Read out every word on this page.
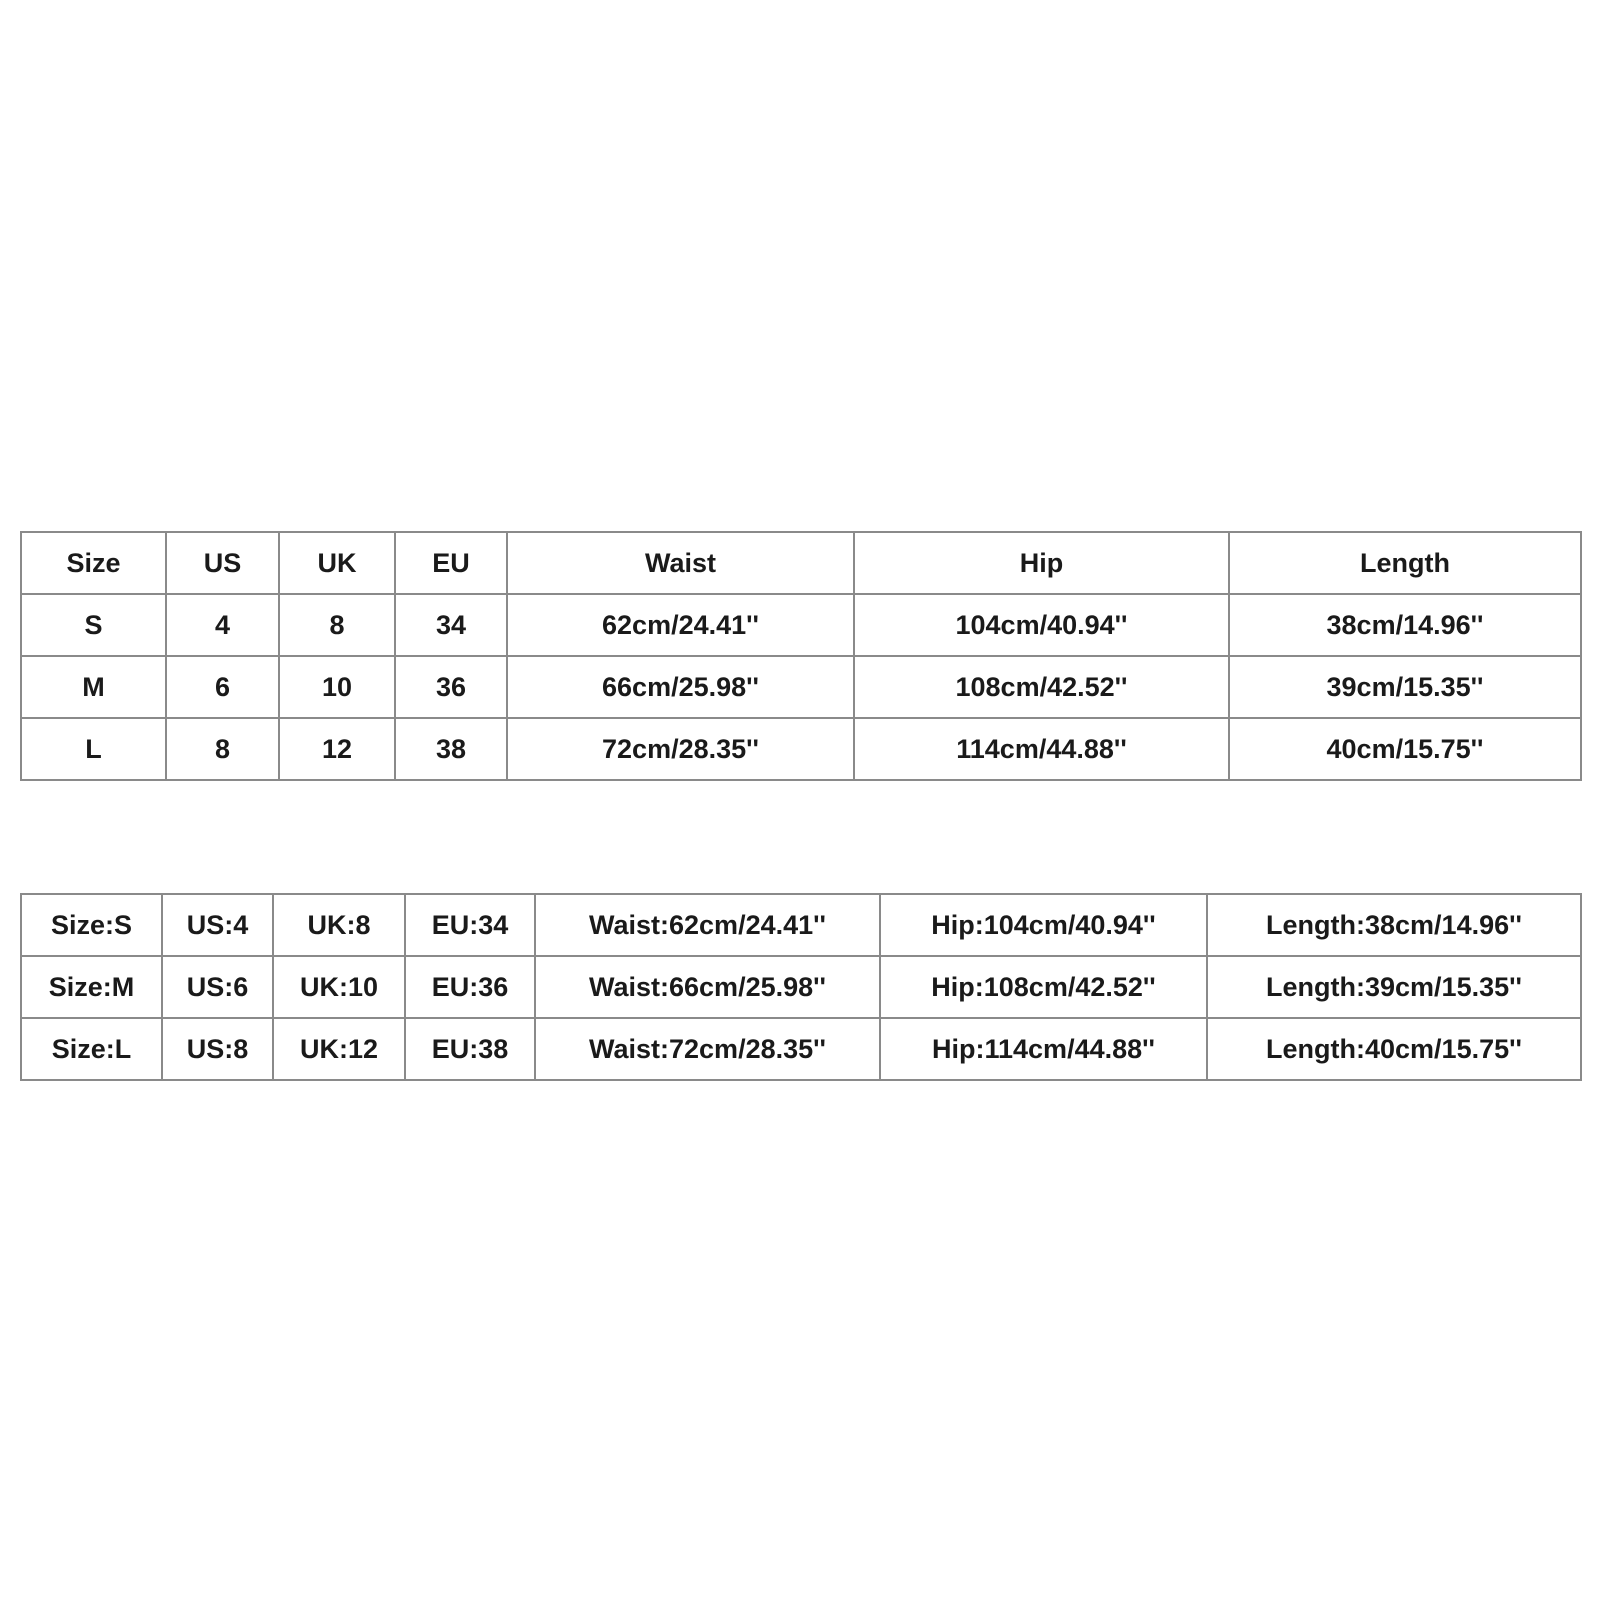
Size	US	UK	EU	Waist	Hip	Length
S	4	8	34	62cm/24.41''	104cm/40.94''	38cm/14.96''
M	6	10	36	66cm/25.98''	108cm/42.52''	39cm/15.35''
L	8	12	38	72cm/28.35''	114cm/44.88''	40cm/15.75''
Size:S	US:4	UK:8	EU:34	Waist:62cm/24.41''	Hip:104cm/40.94''	Length:38cm/14.96''
Size:M	US:6	UK:10	EU:36	Waist:66cm/25.98''	Hip:108cm/42.52''	Length:39cm/15.35''
Size:L	US:8	UK:12	EU:38	Waist:72cm/28.35''	Hip:114cm/44.88''	Length:40cm/15.75''
